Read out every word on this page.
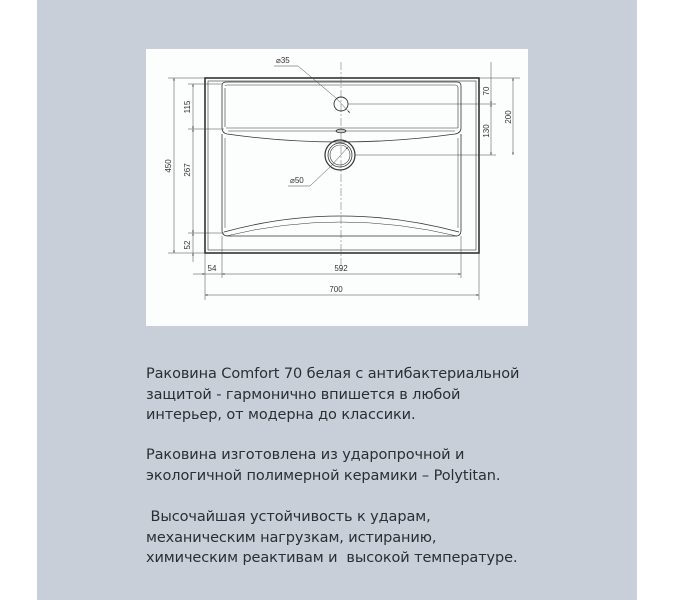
⌀35
⌀50
450
115
267
52
70
130
200
54	592
700
Раковина Comfort 70 белая с антибактериальной
защитой - гармонично впишется в любой
интерьер, от модерна до классики.
Раковина изготовлена из ударопрочной и
экологичной полимерной керамики – Polytitan.
Высочайшая устойчивость к ударам,
механическим нагрузкам, истиранию,
химическим реактивам и  высокой температуре.
